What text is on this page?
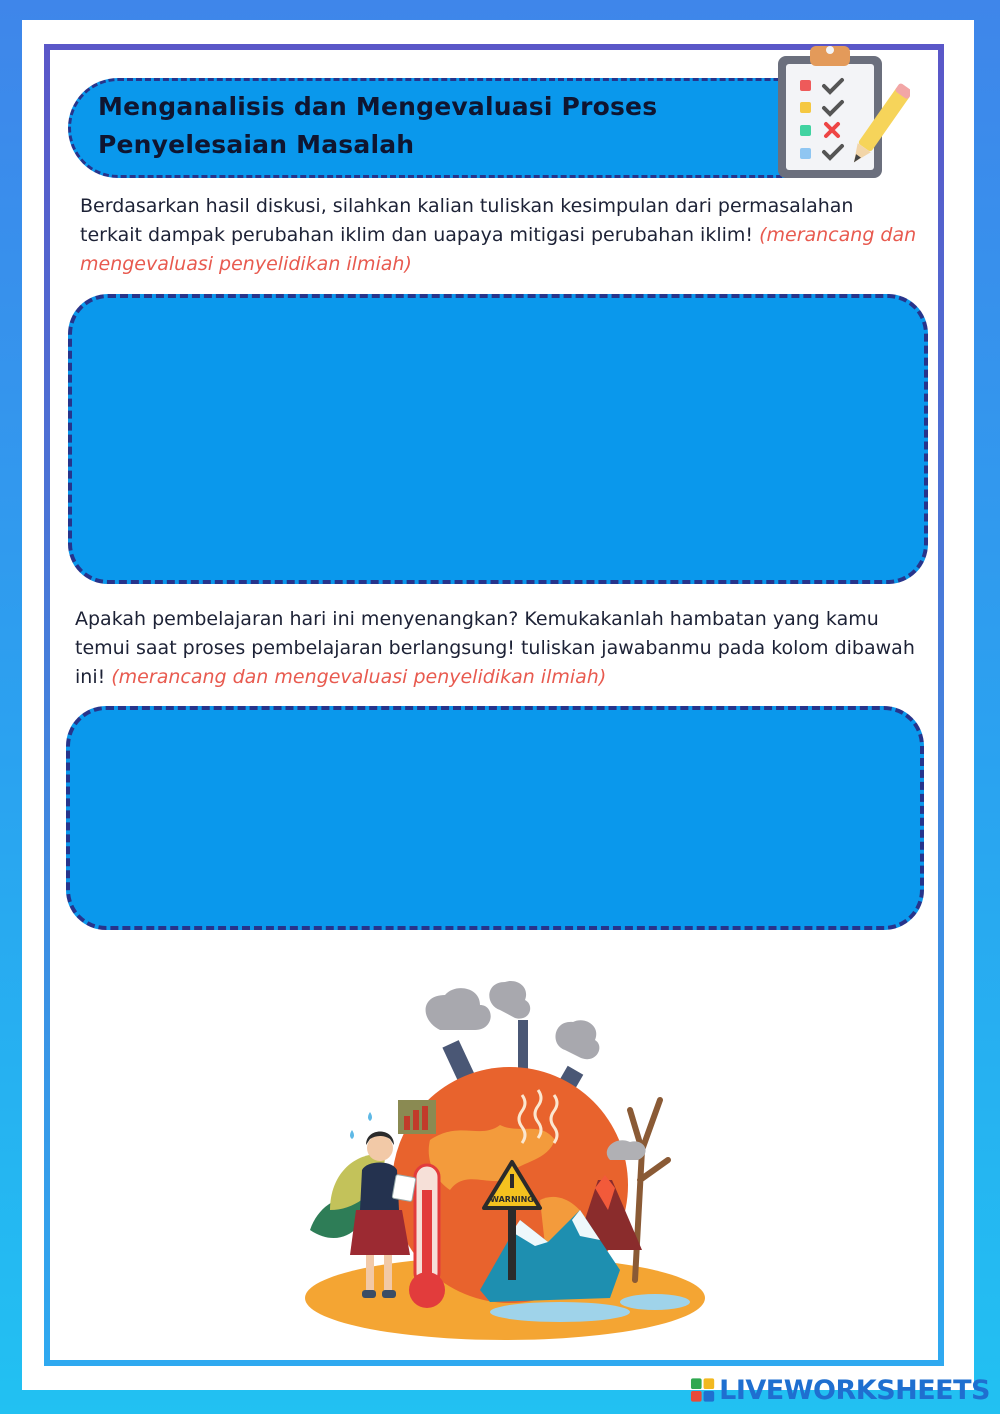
Menganalisis dan Mengevaluasi Proses
Penyelesaian Masalah

Berdasarkan hasil diskusi, silahkan kalian tuliskan kesimpulan dari permasalahan terkait dampak perubahan iklim dan uapaya mitigasi perubahan iklim! (merancang dan mengevaluasi penyelidikan ilmiah)

Apakah pembelajaran hari ini menyenangkan? Kemukakanlah hambatan yang kamu temui saat proses pembelajaran berlangsung! tuliskan jawabanmu pada kolom dibawah ini! (merancang dan mengevaluasi penyelidikan ilmiah)

WARNING
LIVEWORKSHEETS
